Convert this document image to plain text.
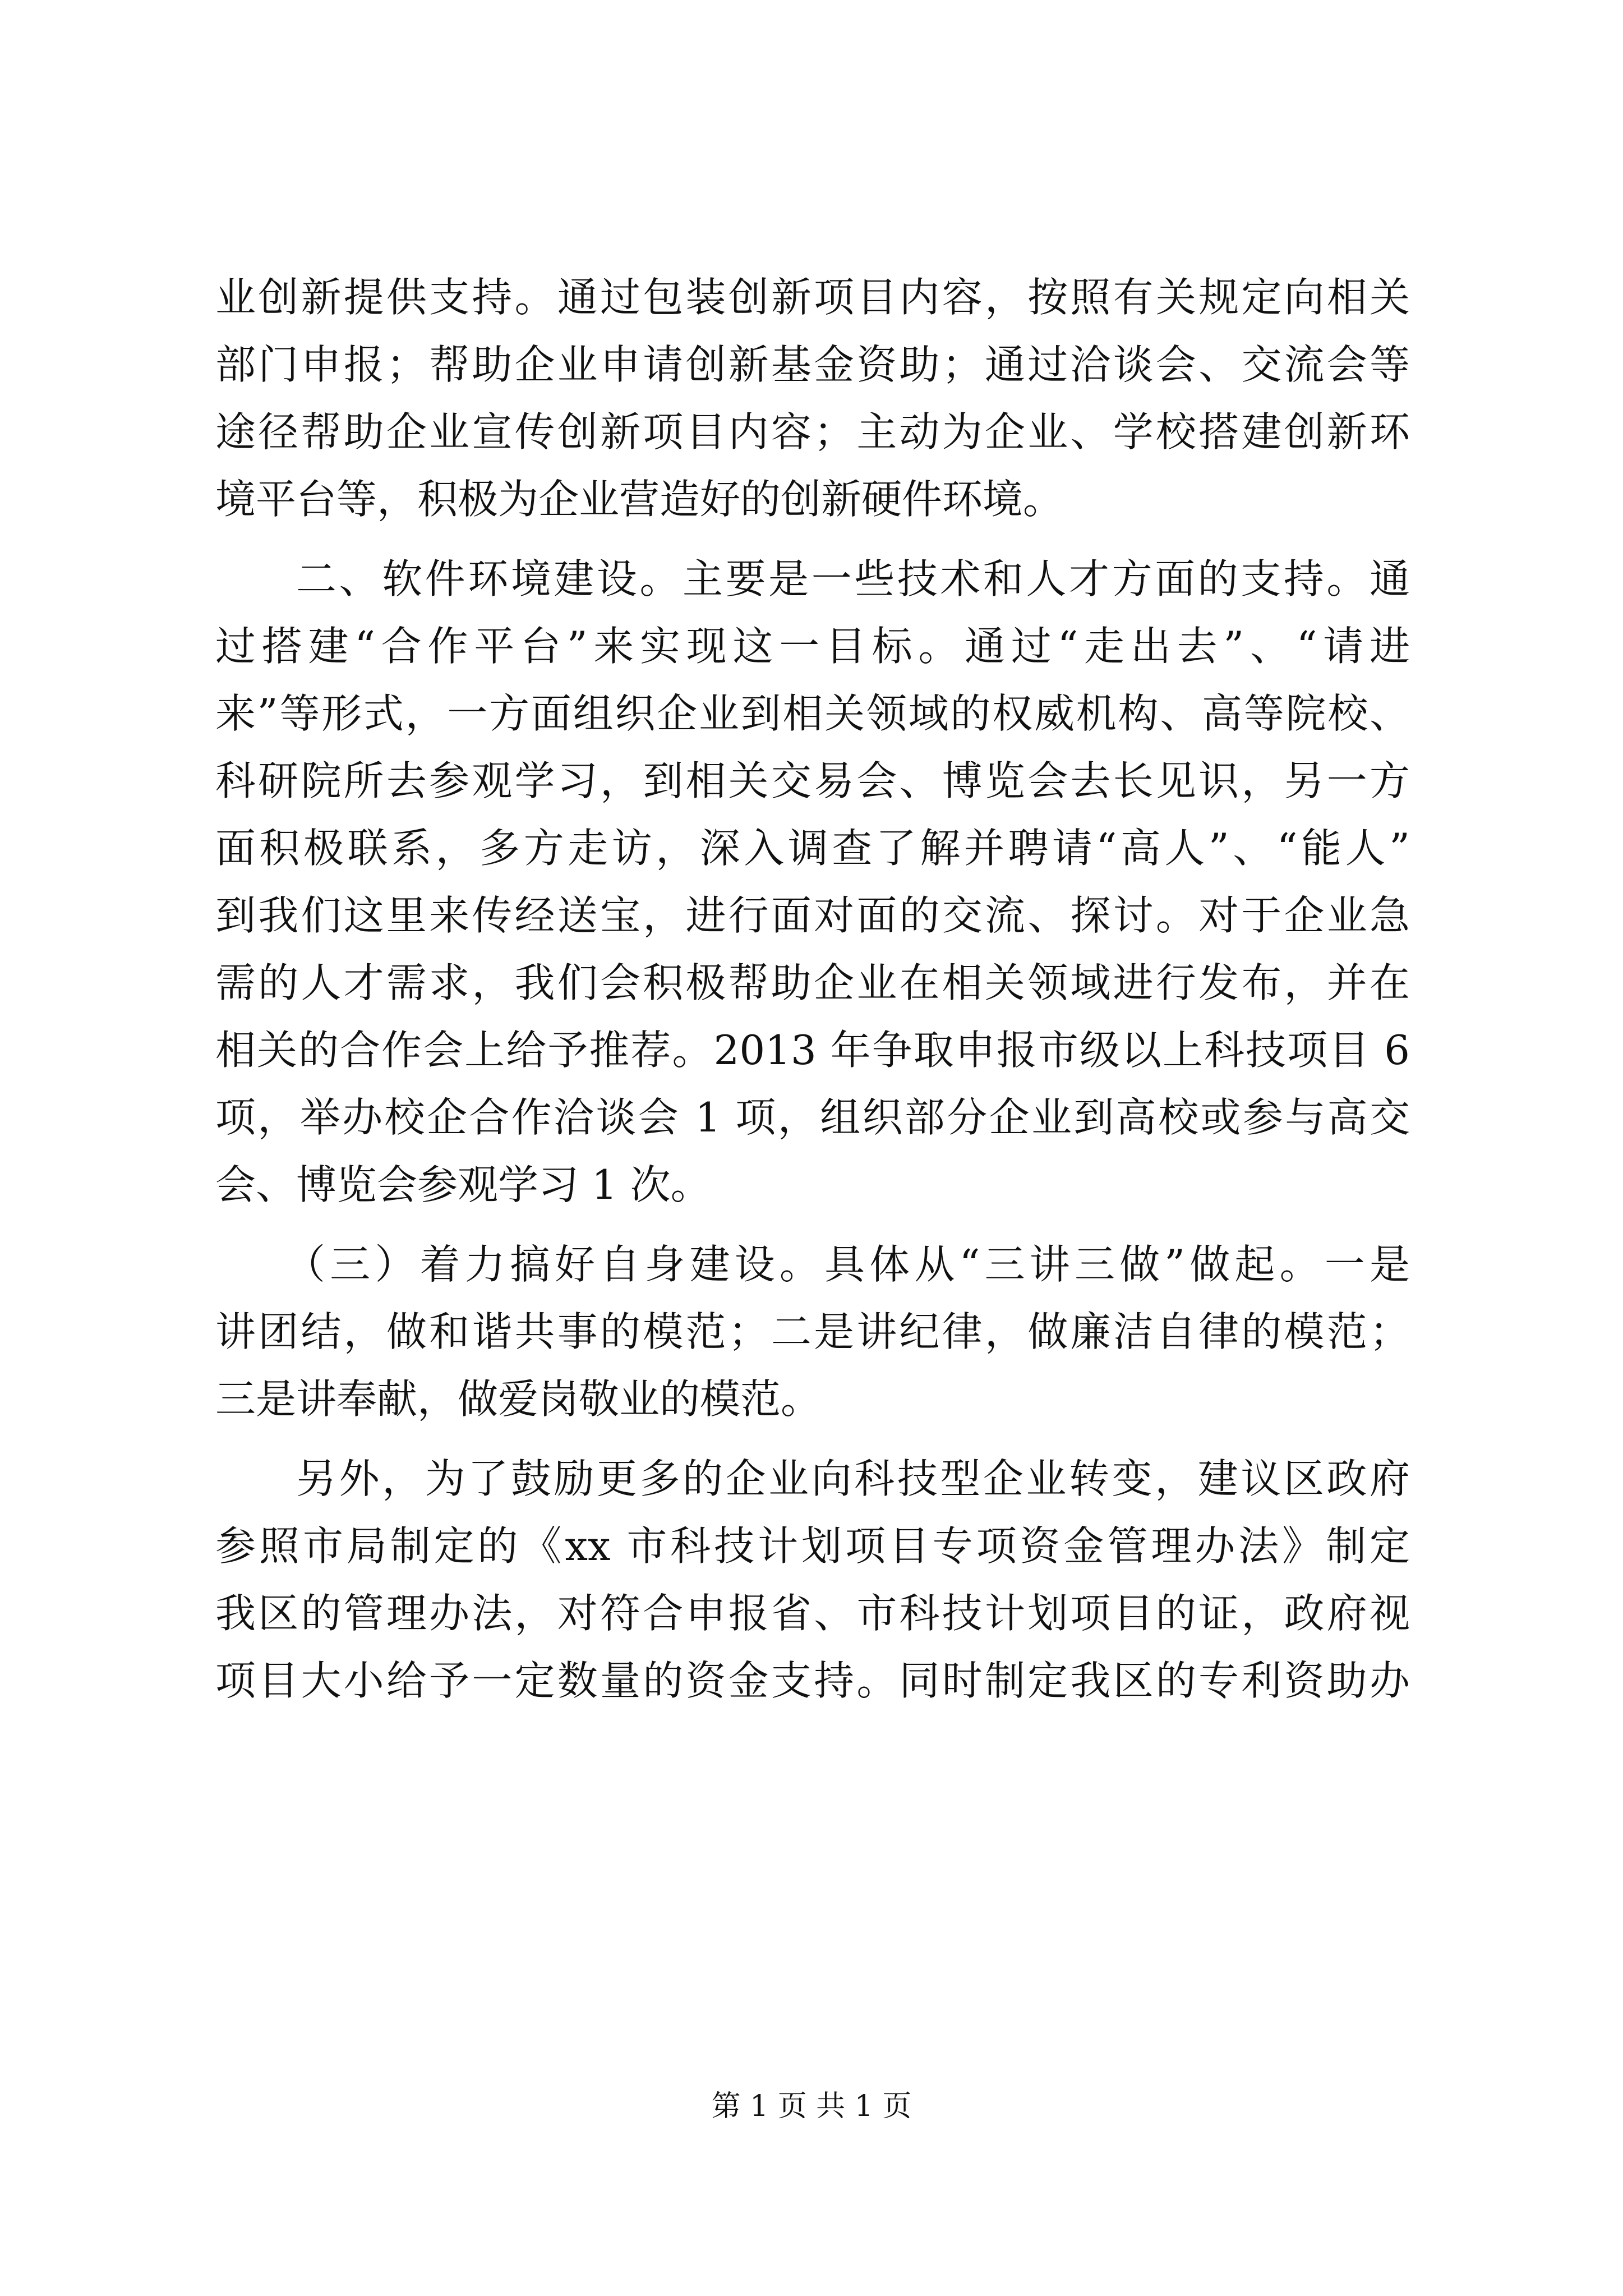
业创新提供支持。通过包装创新项目内容，按照有关规定向相关
部门申报；帮助企业申请创新基金资助；通过洽谈会、交流会等
途径帮助企业宣传创新项目内容；主动为企业、学校搭建创新环
境平台等，积极为企业营造好的创新硬件环境。
二、软件环境建设。主要是一些技术和人才方面的支持。通
过搭建“合作平台”来实现这一目标。通过“走出去”、“请进
来”等形式，一方面组织企业到相关领域的权威机构、高等院校、
科研院所去参观学习，到相关交易会、博览会去长见识，另一方
面积极联系，多方走访，深入调查了解并聘请“高人”、“能人”
到我们这里来传经送宝，进行面对面的交流、探讨。对于企业急
需的人才需求，我们会积极帮助企业在相关领域进行发布，并在
相关的合作会上给予推荐。2013 年争取申报市级以上科技项目 6
项，举办校企合作洽谈会 1 项，组织部分企业到高校或参与高交
会、博览会参观学习 1 次。
（三）着力搞好自身建设。具体从“三讲三做”做起。一是
讲团结，做和谐共事的模范；二是讲纪律，做廉洁自律的模范；
三是讲奉献，做爱岗敬业的模范。
另外，为了鼓励更多的企业向科技型企业转变，建议区政府
参照市局制定的《xx 市科技计划项目专项资金管理办法》制定
我区的管理办法，对符合申报省、市科技计划项目的证，政府视
项目大小给予一定数量的资金支持。同时制定我区的专利资助办
第 1 页 共 1 页
